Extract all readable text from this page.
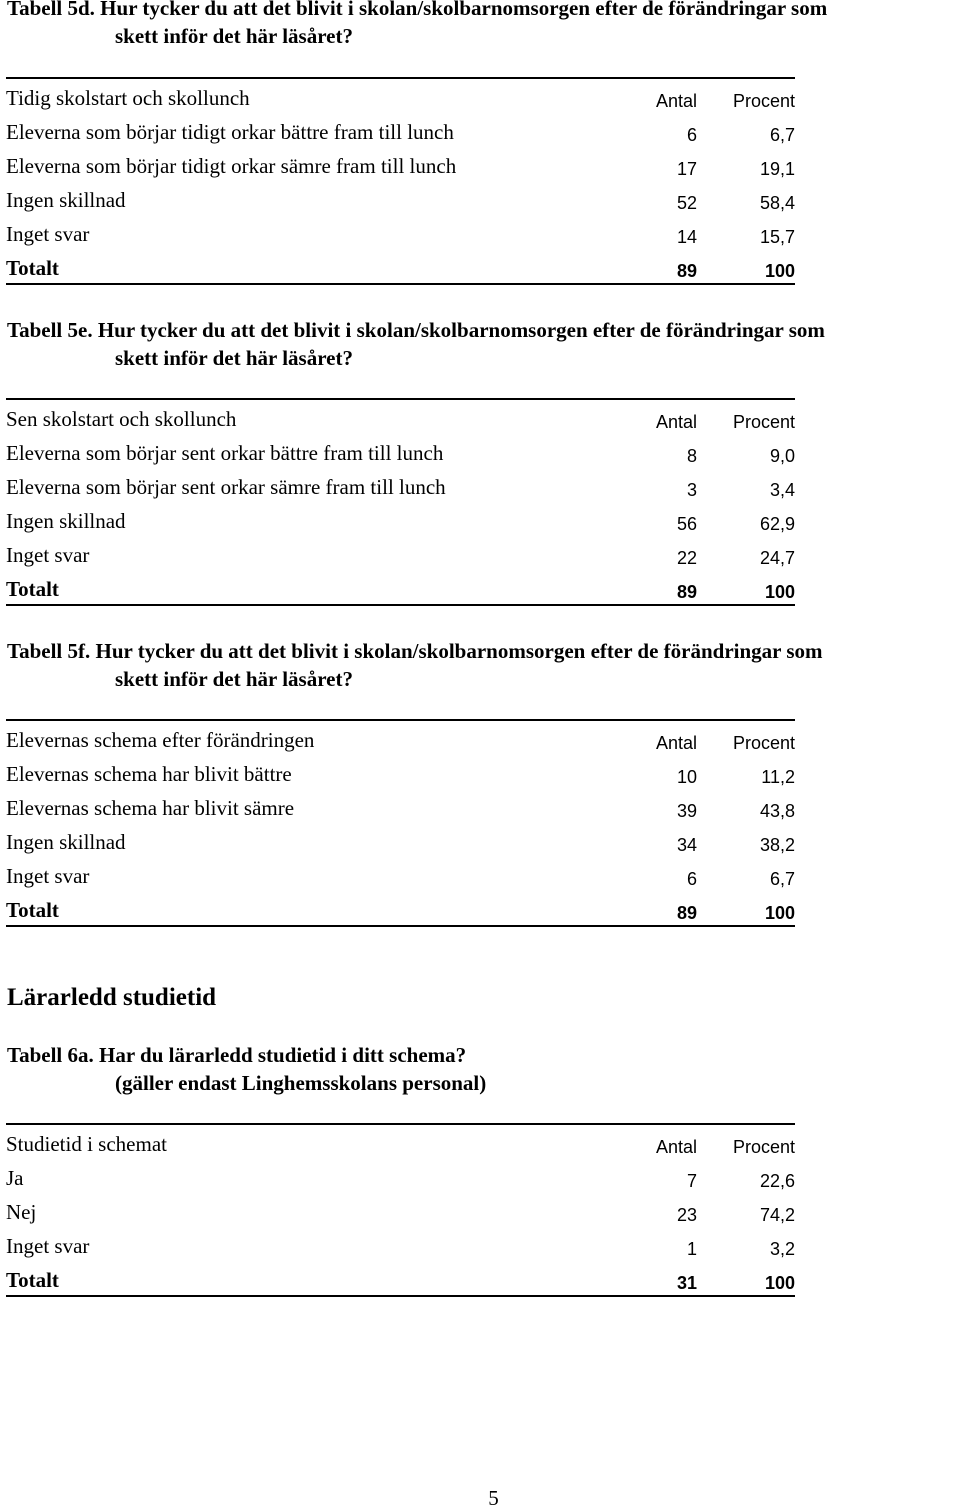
Tabell 5d. Hur tycker du att det blivit i skolan/skolbarnomsorgen efter de förändringar som
skett inför det här läsåret?

Tidig skolstart och skollunch	Antal	Procent
Eleverna som börjar tidigt orkar bättre fram till lunch	6	6,7
Eleverna som börjar tidigt orkar sämre fram till lunch	17	19,1
Ingen skillnad	52	58,4
Inget svar	14	15,7
Totalt	89	100

Tabell 5e. Hur tycker du att det blivit i skolan/skolbarnomsorgen efter de förändringar som
skett inför det här läsåret?

Sen skolstart och skollunch	Antal	Procent
Eleverna som börjar sent orkar bättre fram till lunch	8	9,0
Eleverna som börjar sent orkar sämre fram till lunch	3	3,4
Ingen skillnad	56	62,9
Inget svar	22	24,7
Totalt	89	100

Tabell 5f. Hur tycker du att det blivit i skolan/skolbarnomsorgen efter de förändringar som
skett inför det här läsåret?

Elevernas schema efter förändringen	Antal	Procent
Elevernas schema har blivit bättre	10	11,2
Elevernas schema har blivit sämre	39	43,8
Ingen skillnad	34	38,2
Inget svar	6	6,7
Totalt	89	100
Lärarledd studietid

Tabell 6a. Har du lärarledd studietid i ditt schema?
(gäller endast Linghemsskolans personal)

Studietid i schemat	Antal	Procent
Ja	7	22,6
Nej	23	74,2
Inget svar	1	3,2
Totalt	31	100
5
